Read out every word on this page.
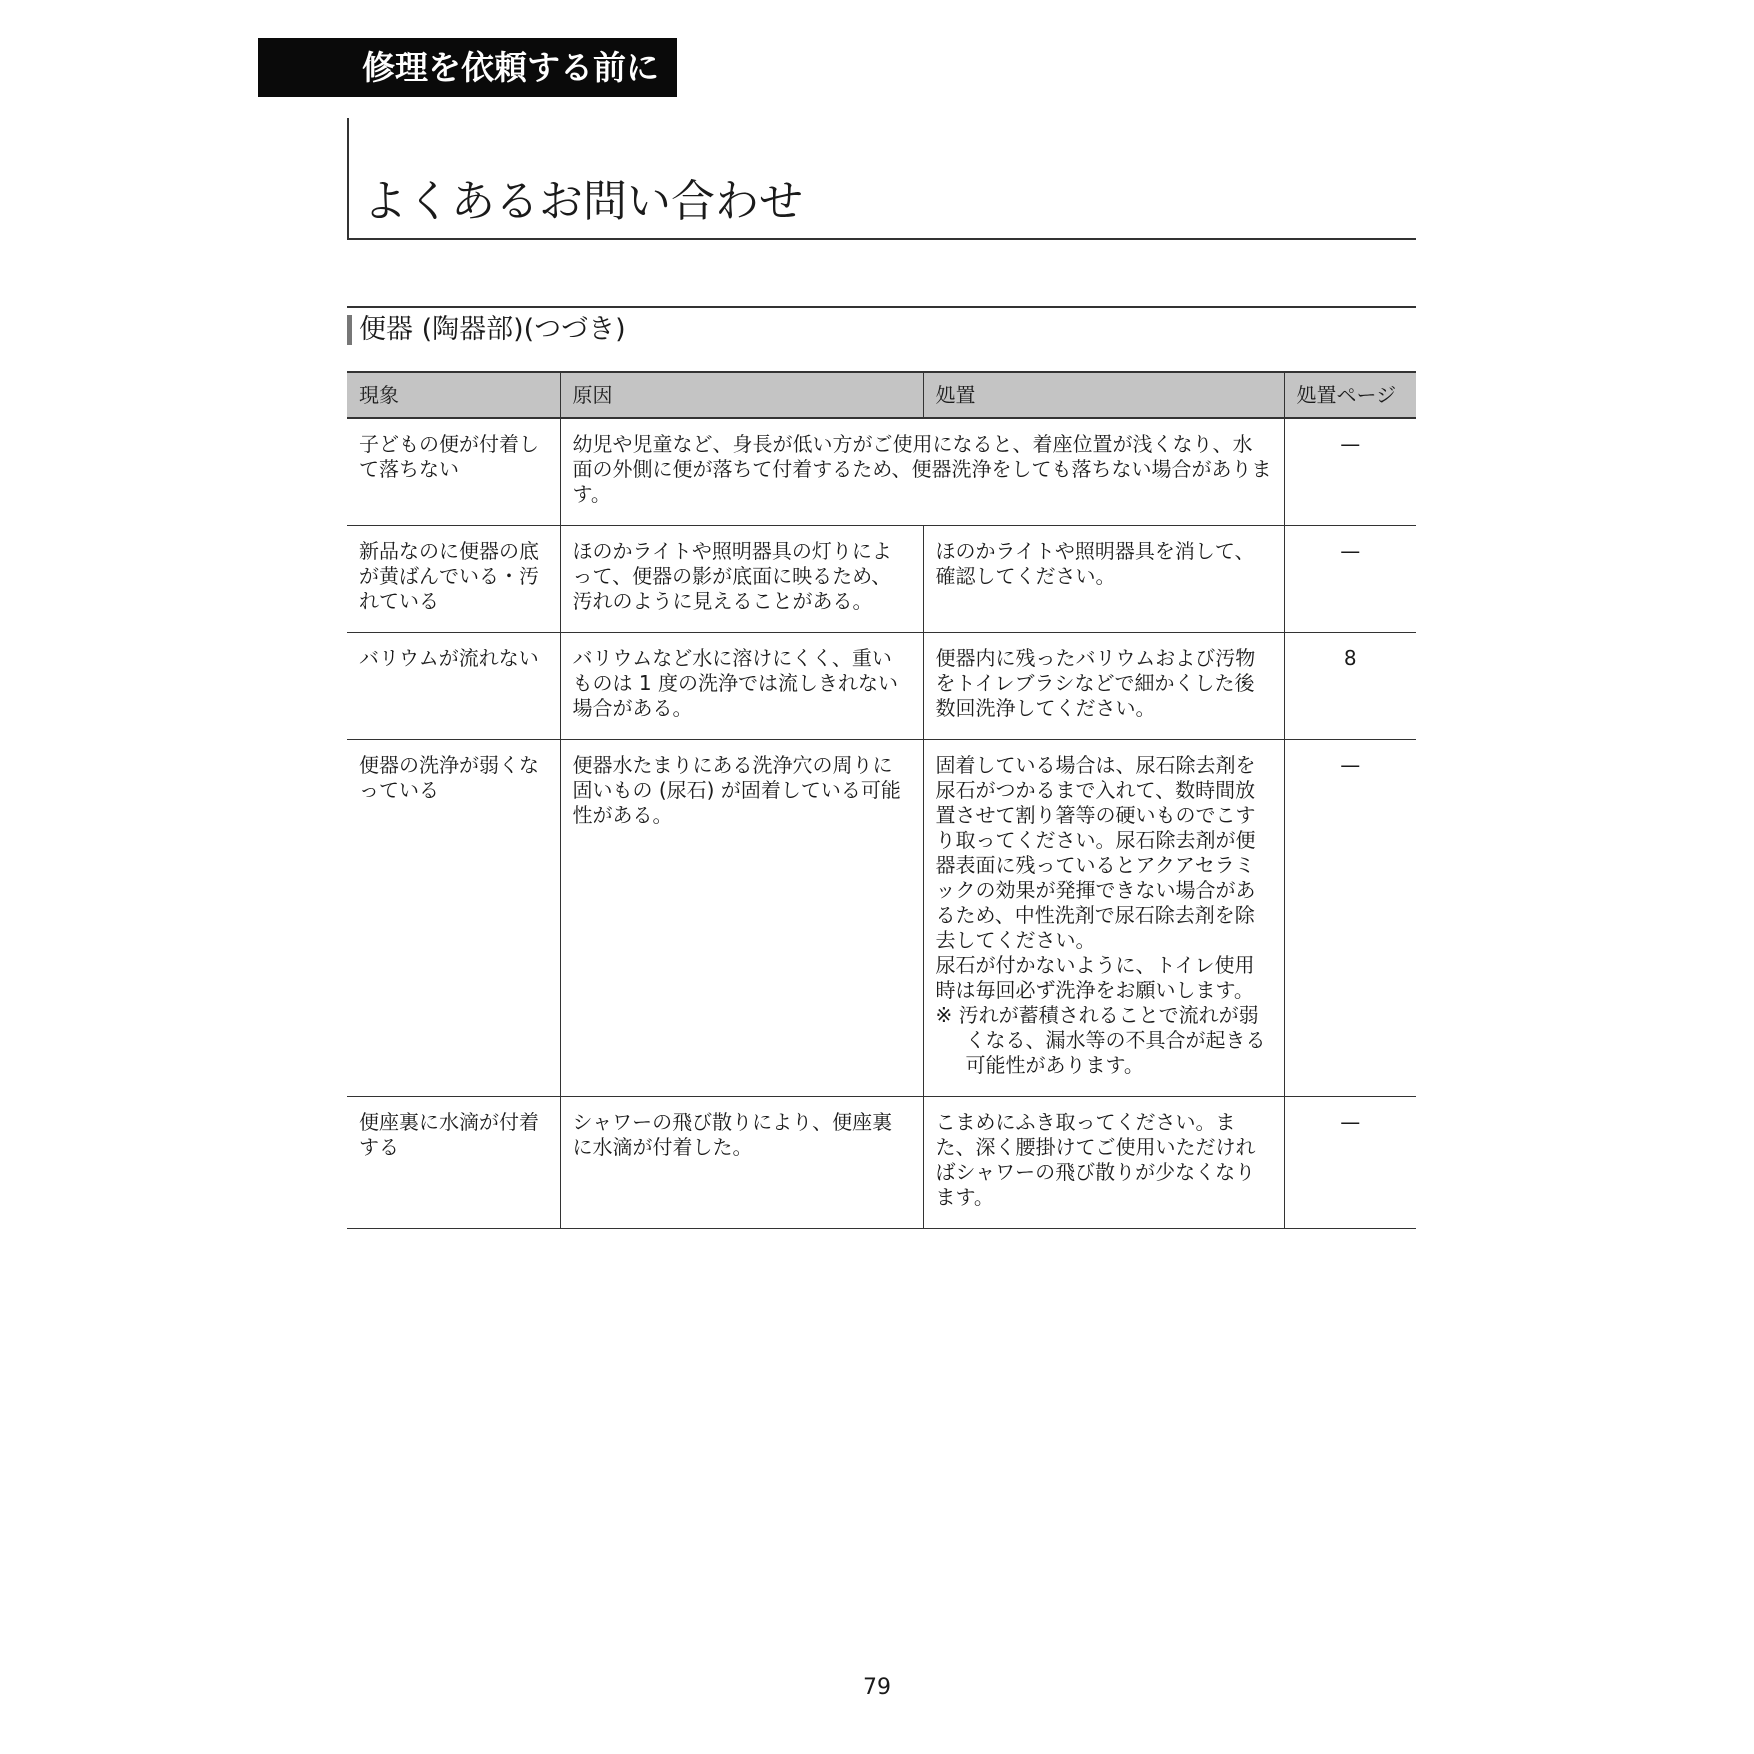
修理を依頼する前に
よくあるお問い合わせ
便器 (陶器部)(つづき)
現象	原因	処置	処置ページ
子どもの便が付着して落ちない	幼児や児童など、身長が低い方がご使用になると、着座位置が浅くなり、水面の外側に便が落ちて付着するため、便器洗浄をしても落ちない場合があります。		—
新品なのに便器の底が黄ばんでいる・汚れている	ほのかライトや照明器具の灯りによって、便器の影が底面に映るため、汚れのように見えることがある。	ほのかライトや照明器具を消して、確認してください。	—
バリウムが流れない	バリウムなど水に溶けにくく、重いものは 1 度の洗浄では流しきれない場合がある。	便器内に残ったバリウムおよび汚物をトイレブラシなどで細かくした後数回洗浄してください。	8
便器の洗浄が弱くなっている	便器水たまりにある洗浄穴の周りに固いもの (尿石) が固着している可能性がある。	固着している場合は、尿石除去剤を尿石がつかるまで入れて、数時間放置させて割り箸等の硬いものでこすり取ってください。尿石除去剤が便器表面に残っているとアクアセラミックの効果が発揮できない場合があるため、中性洗剤で尿石除去剤を除去してください。
尿石が付かないように、トイレ使用時は毎回必ず洗浄をお願いします。
※ 汚れが蓄積されることで流れが弱くなる、漏水等の不具合が起きる可能性があります。	—
便座裏に水滴が付着する	シャワーの飛び散りにより、便座裏に水滴が付着した。	こまめにふき取ってください。また、深く腰掛けてご使用いただければシャワーの飛び散りが少なくなります。	—
79
